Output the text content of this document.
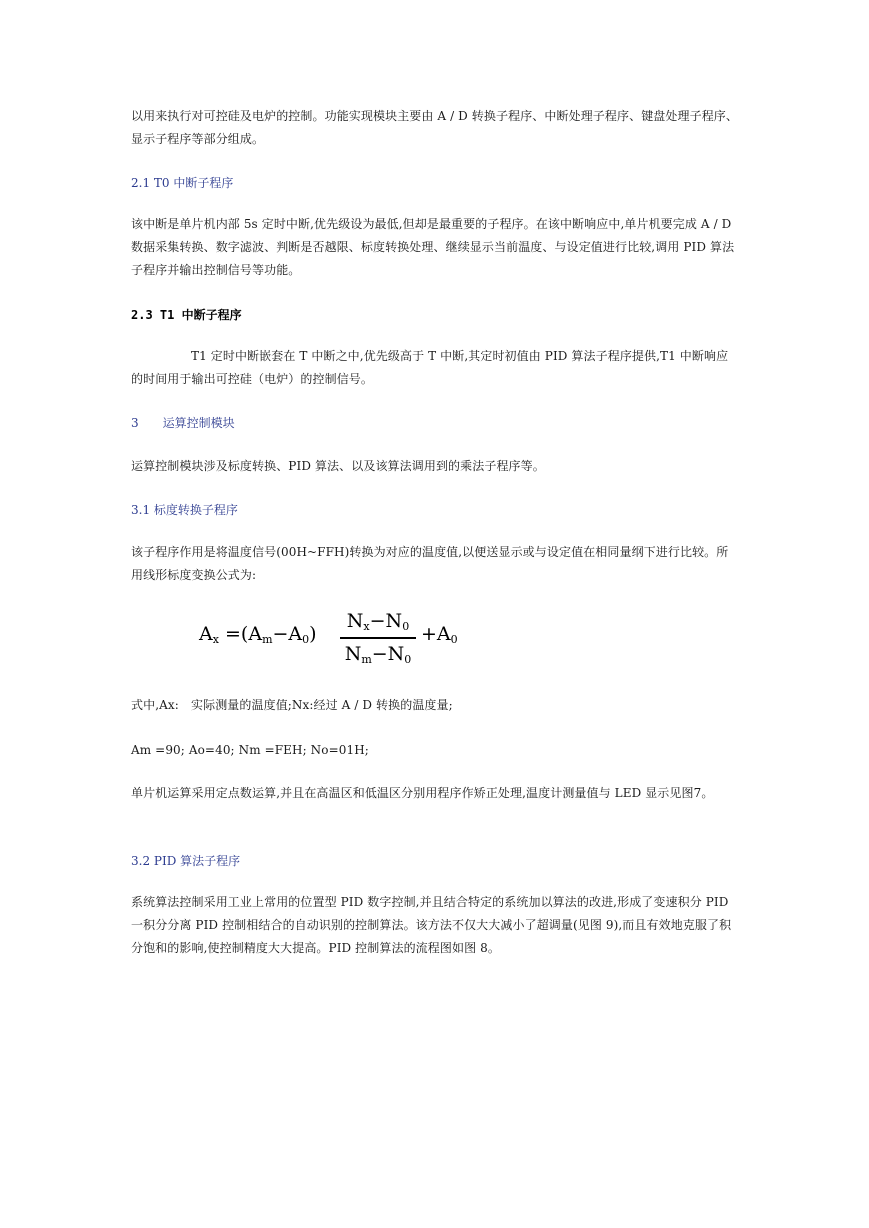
以用来执行对可控硅及电炉的控制。功能实现模块主要由 A / D 转换子程序、中断处理子程序、键盘处理子程序、显示子程序等部分组成。
2.1 T0 中断子程序
该中断是单片机内部 5s 定时中断,优先级设为最低,但却是最重要的子程序。在该中断响应中,单片机要完成 A / D 数据采集转换、数字滤波、判断是否越限、标度转换处理、继续显示当前温度、与设定值进行比较,调用 PID 算法子程序并输出控制信号等功能。
2.3 T1 中断子程序
T1 定时中断嵌套在 T 中断之中,优先级高于 T 中断,其定时初值由 PID 算法子程序提供,T1 中断响应的时间用于输出可控硅（电炉）的控制信号。
3　　运算控制模块
运算控制模块涉及标度转换、PID 算法、以及该算法调用到的乘法子程序等。
3.1 标度转换子程序
该子程序作用是将温度信号(00H~FFH)转换为对应的温度值,以便送显示或与设定值在相同量纲下进行比较。所用线形标度变换公式为:
$A_x =(A_m-A_0)$
$N_x-N_0$
$N_m-N_0$
$+A_0$
式中,Ax:　实际测量的温度值;Nx:经过 A / D 转换的温度量;
Am =90; Ao=40; Nm =FEH; No=01H;
单片机运算采用定点数运算,并且在高温区和低温区分别用程序作矫正处理,温度计测量值与 LED 显示见图7。
3.2 PID 算法子程序
系统算法控制采用工业上常用的位置型 PID 数字控制,并且结合特定的系统加以算法的改进,形成了变速积分 PID 一积分分离 PID 控制相结合的自动识别的控制算法。该方法不仅大大减小了超调量(见图 9),而且有效地克服了积分饱和的影响,使控制精度大大提高。PID 控制算法的流程图如图 8。
